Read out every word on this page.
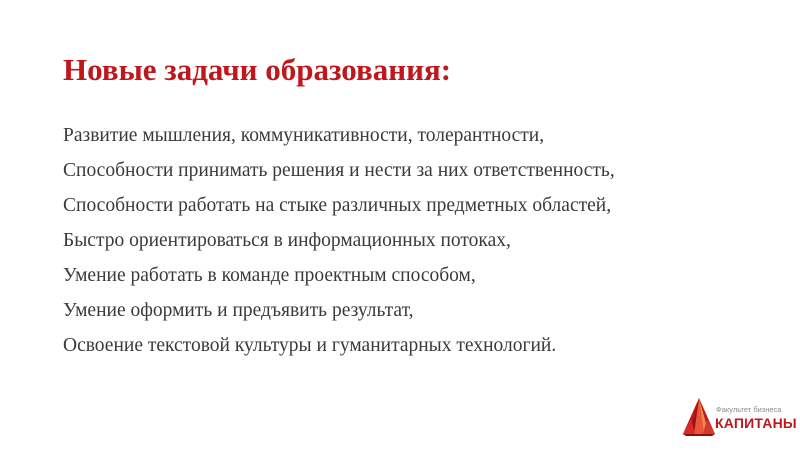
Новые задачи образования:
Развитие мышления, коммуникативности, толерантности,
Способности принимать решения и нести за них ответственность,
Способности работать на стыке различных предметных областей,
Быстро ориентироваться в информационных потоках,
Умение работать в команде проектным способом,
Умение оформить и предъявить результат,
Освоение текстовой культуры и гуманитарных технологий.
Факультет бизнеса
КАПИТАНЫ
